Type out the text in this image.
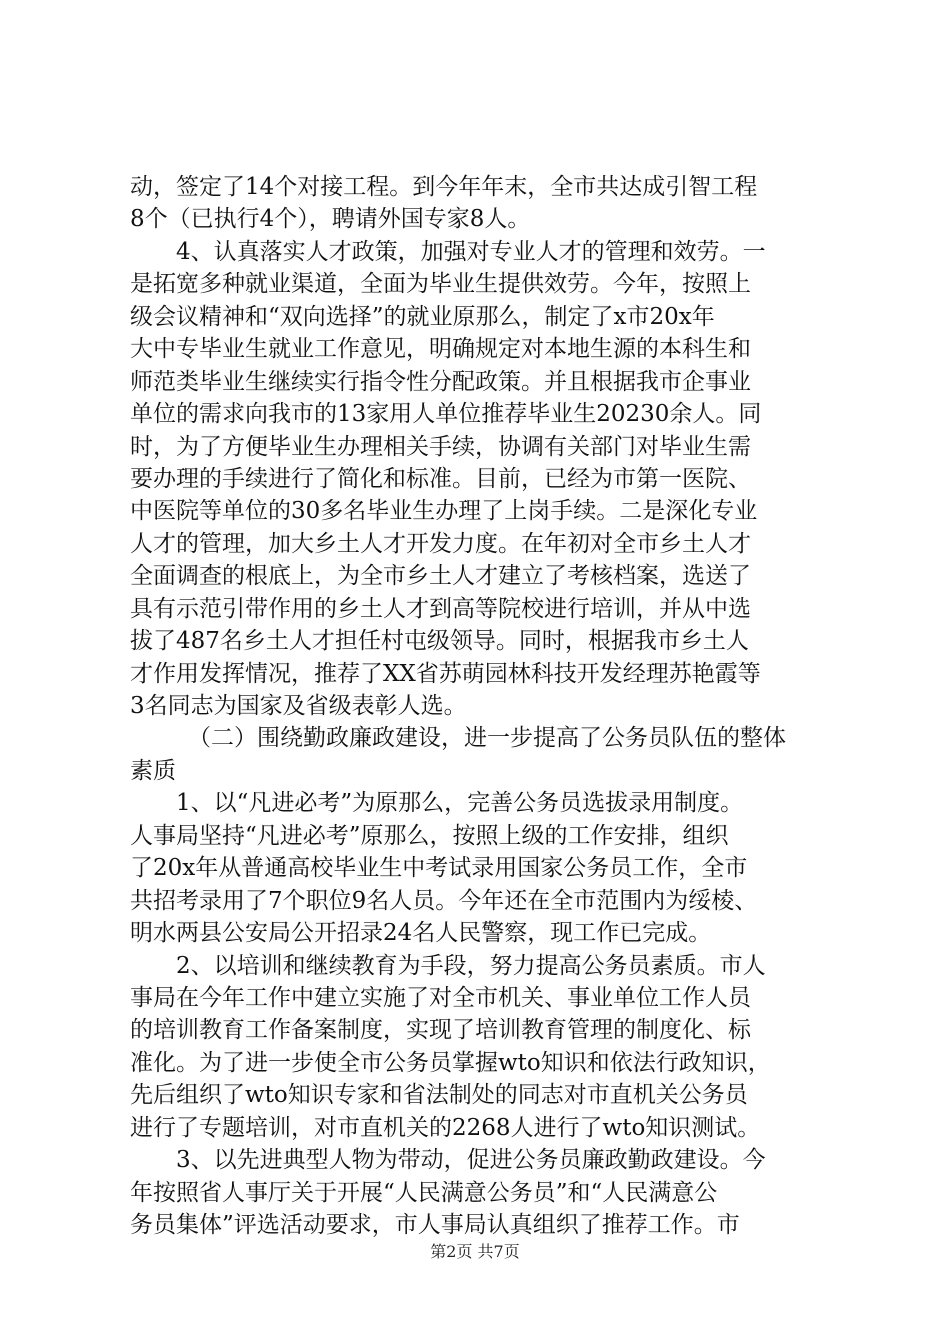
动，签定了14个对接工程。到今年年末，全市共达成引智工程
8个（已执行4个），聘请外国专家8人。
4、认真落实人才政策，加强对专业人才的管理和效劳。一
是拓宽多种就业渠道，全面为毕业生提供效劳。今年，按照上
级会议精神和“双向选择”的就业原那么，制定了x市20x年
大中专毕业生就业工作意见，明确规定对本地生源的本科生和
师范类毕业生继续实行指令性分配政策。并且根据我市企事业
单位的需求向我市的13家用人单位推荐毕业生20230余人。同
时，为了方便毕业生办理相关手续，协调有关部门对毕业生需
要办理的手续进行了简化和标准。目前，已经为市第一医院、
中医院等单位的30多名毕业生办理了上岗手续。二是深化专业
人才的管理，加大乡土人才开发力度。在年初对全市乡土人才
全面调查的根底上，为全市乡土人才建立了考核档案，选送了
具有示范引带作用的乡土人才到高等院校进行培训，并从中选
拔了487名乡土人才担任村屯级领导。同时，根据我市乡土人
才作用发挥情况，推荐了XX省苏萌园林科技开发经理苏艳霞等
3名同志为国家及省级表彰人选。
（二）围绕勤政廉政建设，进一步提高了公务员队伍的整体
素质
1、以“凡进必考”为原那么，完善公务员选拔录用制度。
人事局坚持“凡进必考”原那么，按照上级的工作安排，组织
了20x年从普通高校毕业生中考试录用国家公务员工作，全市
共招考录用了7个职位9名人员。今年还在全市范围内为绥棱、
明水两县公安局公开招录24名人民警察，现工作已完成。
2、以培训和继续教育为手段，努力提高公务员素质。市人
事局在今年工作中建立实施了对全市机关、事业单位工作人员
的培训教育工作备案制度，实现了培训教育管理的制度化、标
准化。为了进一步使全市公务员掌握wto知识和依法行政知识，
先后组织了wto知识专家和省法制处的同志对市直机关公务员
进行了专题培训，对市直机关的2268人进行了wto知识测试。
3、以先进典型人物为带动，促进公务员廉政勤政建设。今
年按照省人事厅关于开展“人民满意公务员”和“人民满意公
务员集体”评选活动要求，市人事局认真组织了推荐工作。市
第2页 共7页
